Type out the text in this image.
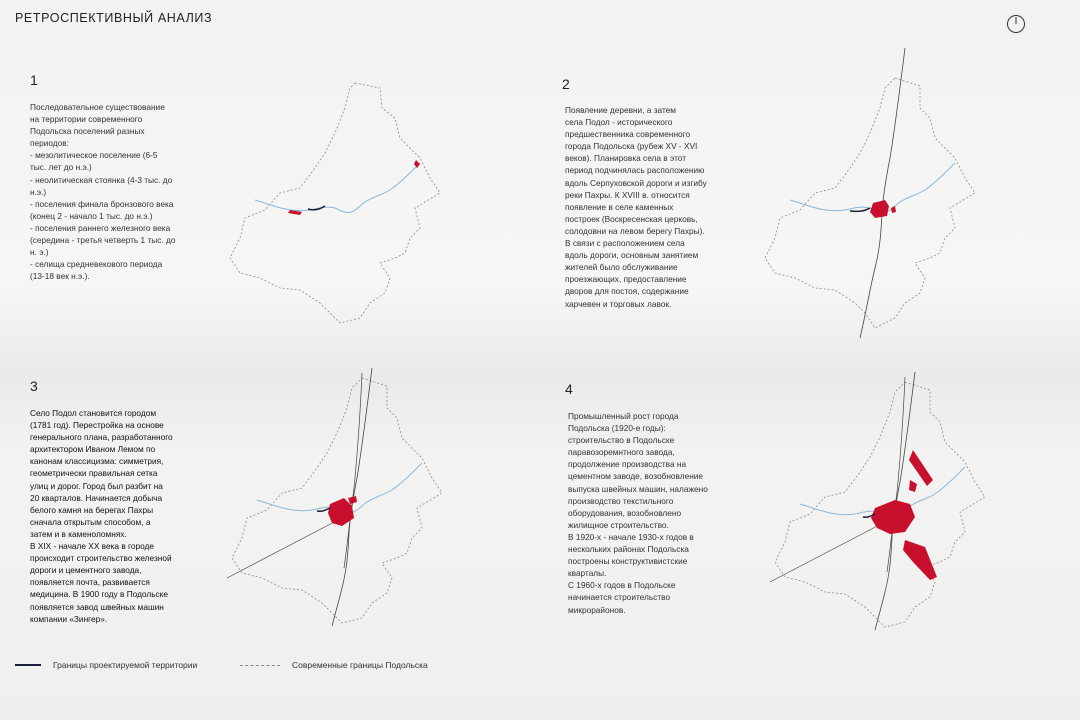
РЕТРОСПЕКТИВНЫЙ АНАЛИЗ
1
Последовательное существование
на территории современного
Подольска поселений разных
периодов:
- мезолитическое поселение (6-5
тыс. лет до н.э.)
- неолитическая стоянка (4-3 тыс. до
н.э.)
- поселения финала бронзового века
(конец 2 - начало 1 тыс. до н.э.)
- поселения раннего железного века
(середина - третья четверть 1 тыс. до
н. э.)
- селища средневекового периода
(13-18 век н.э.).
2
Появление деревни, а затем
села Подол - исторического
предшественника современного
города Подольска (рубеж XV - XVI
веков). Планировка села в этот
период подчинялась расположению
вдоль Серпуховской дороги и изгибу
реки Пахры. К XVIII в. относится
появление в селе каменных
построек (Воскресенская церковь,
солодовни на левом берегу Пахры).
В связи с расположением села
вдоль дороги, основным занятием
жителей было обслуживание
проезжающих, предоставление
дворов для постоя, содержание
харчевен и торговых лавок.
3
Село Подол становится городом
(1781 год). Перестройка на основе
генерального плана, разработанного
архитектором Иваном Лемом по
канонам классицизма: симметрия,
геометрически правильная сетка
улиц и дорог. Город был разбит на
20 кварталов. Начинается добыча
белого камня на берегах Пахры
сначала открытым способом, а
затем и в каменоломнях.
В XIX - начале XX века в городе
происходит строительство железной
дороги и цементного завода,
появляется почта, развивается
медицина. В 1900 году в Подольске
появляется завод швейных машин
компании «Зингер».
4
Промышленный рост города
Подольска (1920-е годы):
строительство в Подольске
паравозоремнтного завода,
продолжение производства на
цементном заводе, возобновление
выпуска швейных машин, налажено
производство текстильного
оборудования, возобновлено
жилищное строительство.
В 1920-х - начале 1930-х годов в
нескольких районах Подольска
построены конструктивистские
кварталы.
С 1960-х годов в Подольске
начинается строительство
микрорайонов.
Границы проектируемой территории	Современные границы Подольска
